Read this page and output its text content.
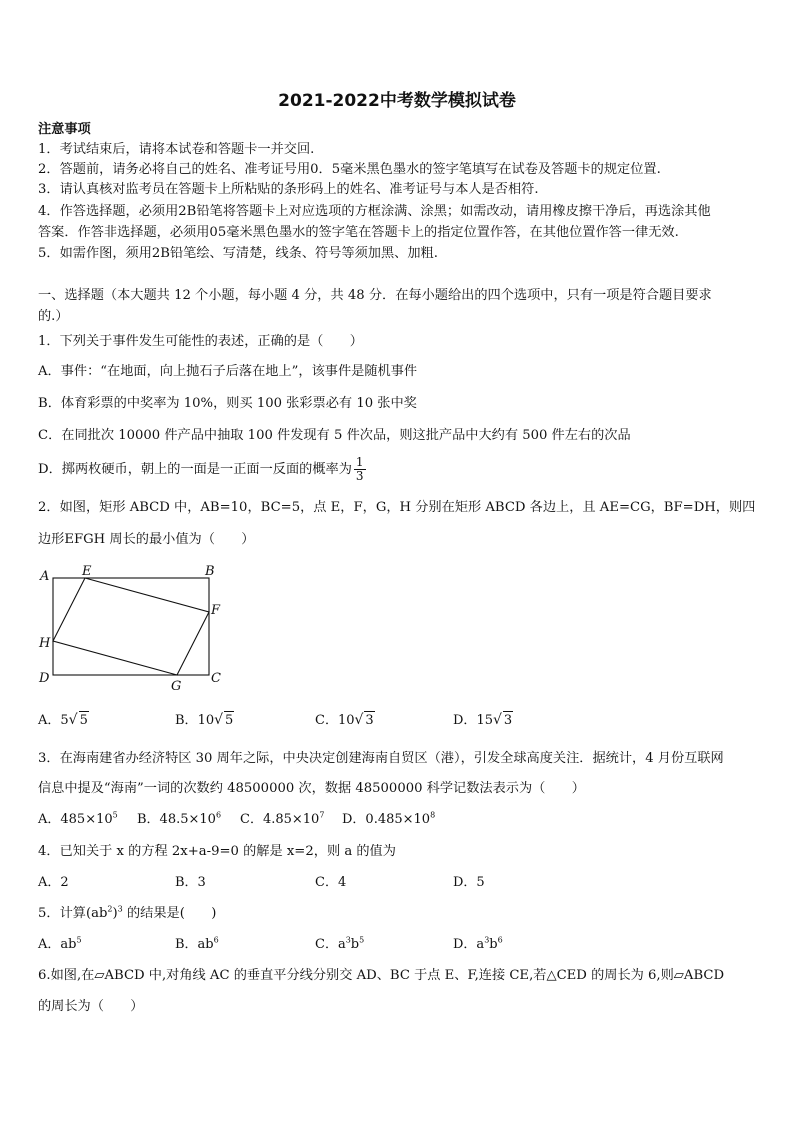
2021-2022中考数学模拟试卷
注意事项
1．考试结束后，请将本试卷和答题卡一并交回.
2．答题前，请务必将自己的姓名、准考证号用0．5毫米黑色墨水的签字笔填写在试卷及答题卡的规定位置.
3．请认真核对监考员在答题卡上所粘贴的条形码上的姓名、准考证号与本人是否相符.
4．作答选择题，必须用2B铅笔将答题卡上对应选项的方框涂满、涂黑；如需改动，请用橡皮擦干净后，再选涂其他
答案．作答非选择题，必须用05毫米黑色墨水的签字笔在答题卡上的指定位置作答，在其他位置作答一律无效.
5．如需作图，须用2B铅笔绘、写清楚，线条、符号等须加黑、加粗.
一、选择题（本大题共 12 个小题，每小题 4 分，共 48 分．在每小题给出的四个选项中，只有一项是符合题目要求
的.）
1．下列关于事件发生可能性的表述，正确的是（　　）
A．事件：“在地面，向上抛石子后落在地上”，该事件是随机事件
B．体育彩票的中奖率为 10%，则买 100 张彩票必有 10 张中奖
C．在同批次 10000 件产品中抽取 100 件发现有 5 件次品，则这批产品中大约有 500 件左右的次品
D．掷两枚硬币，朝上的一面是一正面一反面的概率为 $\frac{1}{3}$
2．如图，矩形 ABCD 中，AB=10，BC=5，点 E，F，G，H 分别在矩形 ABCD 各边上，且 AE=CG，BF=DH，则四
边形EFGH 周长的最小值为（　　）
A	E	B
F
H
D
G
C
A．5√ 5	B．10√ 5	C．10√ 3	D．15√ 3
3．在海南建省办经济特区 30 周年之际，中央决定创建海南自贸区（港），引发全球高度关注．据统计，4 月份互联网
信息中提及“海南”一词的次数约 48500000 次，数据 48500000 科学记数法表示为（　　）
A．$485\times 10^5$ B．$48.5\times 10^6$ C．$4.85\times 10^7$ D．$0.485\times 10^8$
4．已知关于 x 的方程 2x+a-9=0 的解是 x=2，则 a 的值为
A．2	B．3	C．4	D．5
5．计算$(ab^2)^3$ 的结果是(　　)
A．$ab^5$	B．$ab^6$	C．$a^3b^5$	D．$a^3b^6$
6.如图,在▱ABCD 中,对角线 AC 的垂直平分线分别交 AD、BC 于点 E、F,连接 CE,若△CED 的周长为 6,则▱ABCD
的周长为（　　）
